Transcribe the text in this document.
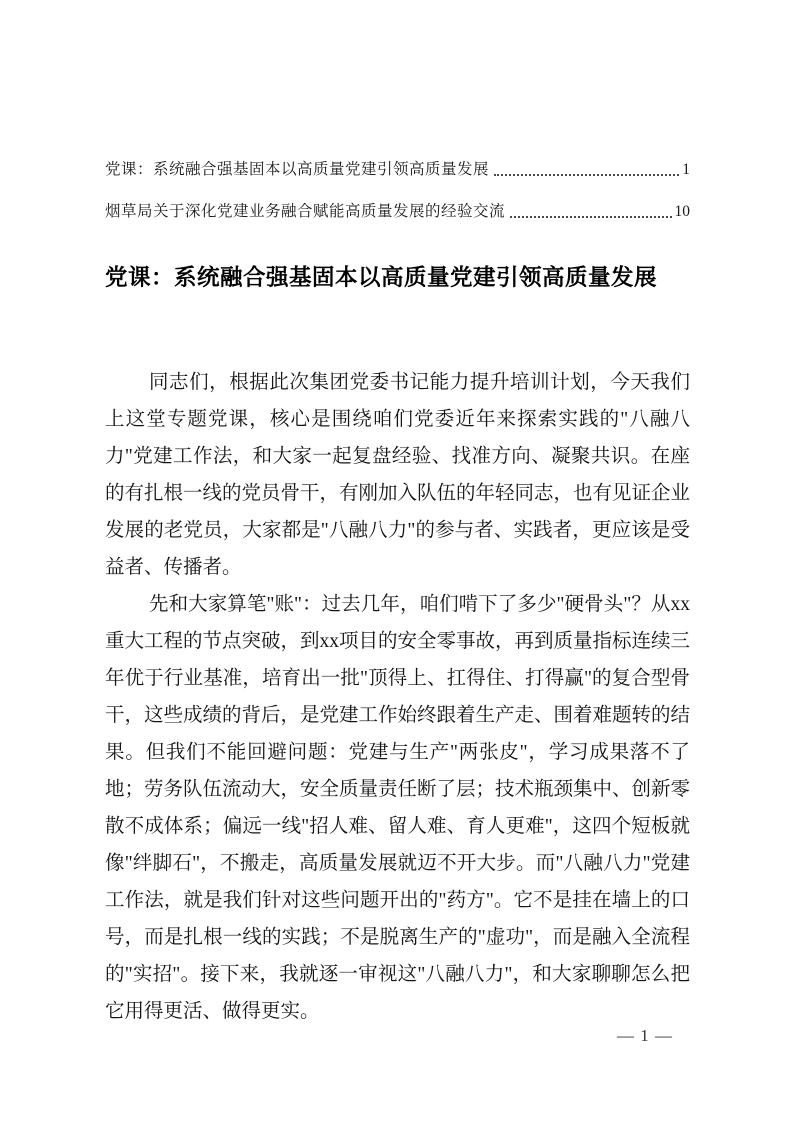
党课：系统融合强基固本以高质量党建引领高质量发展	1
烟草局关于深化党建业务融合赋能高质量发展的经验交流	10
党课：系统融合强基固本以高质量党建引领高质量发展

同志们，根据此次集团党委书记能力提升培训计划，今天我们上这堂专题党课，核心是围绕咱们党委近年来探索实践的"八融八力"党建工作法，和大家一起复盘经验、找准方向、凝聚共识。在座的有扎根一线的党员骨干，有刚加入队伍的年轻同志，也有见证企业发展的老党员，大家都是"八融八力"的参与者、实践者，更应该是受益者、传播者。

先和大家算笔"账"：过去几年，咱们啃下了多少"硬骨头"？从xx重大工程的节点突破，到xx项目的安全零事故，再到质量指标连续三年优于行业基准，培育出一批"顶得上、扛得住、打得赢"的复合型骨干，这些成绩的背后，是党建工作始终跟着生产走、围着难题转的结果。但我们不能回避问题：党建与生产"两张皮"，学习成果落不了地；劳务队伍流动大，安全质量责任断了层；技术瓶颈集中、创新零散不成体系；偏远一线"招人难、留人难、育人更难"，这四个短板就像"绊脚石"，不搬走，高质量发展就迈不开大步。而"八融八力"党建工作法，就是我们针对这些问题开出的"药方"。它不是挂在墙上的口号，而是扎根一线的实践；不是脱离生产的"虚功"，而是融入全流程的"实招"。接下来，我就逐一审视这"八融八力"，和大家聊聊怎么把它用得更活、做得更实。

— 1 —
